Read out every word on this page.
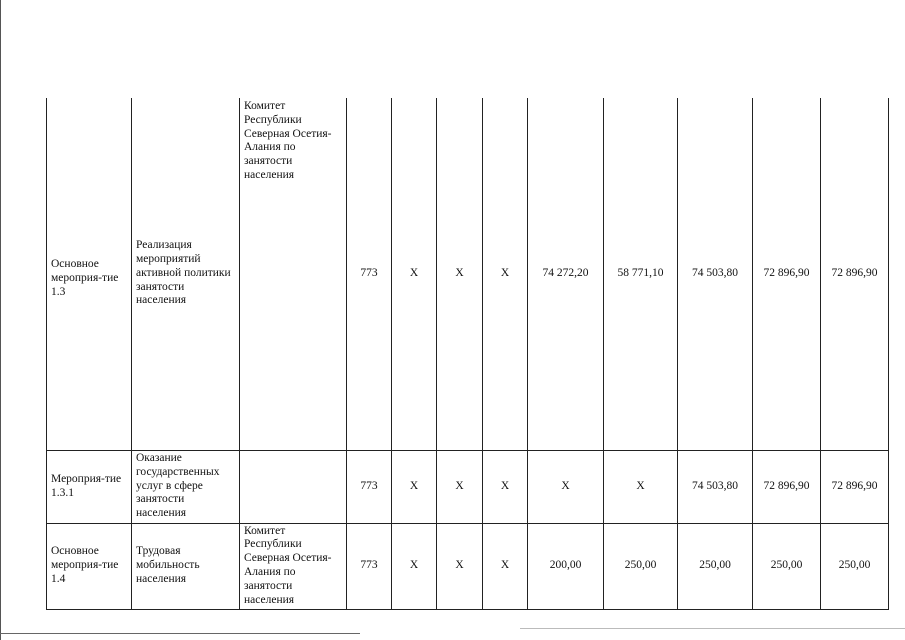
Основное мероприя-тие 1.3	Реализация мероприятий активной политики занятости населения	Комитет Республики Северная Осетия-Алания по занятости населения	773	X	X	X	74 272,20	58 771,10	74 503,80	72 896,90	72 896,90
Мероприя-тие 1.3.1	Оказание государственных услуг в сфере занятости населения		773	X	X	X	X	X	74 503,80	72 896,90	72 896,90
Основное мероприя-тие 1.4	Трудовая мобильность населения	Комитет Республики Северная Осетия-Алания по занятости населения	773	X	X	X	200,00	250,00	250,00	250,00	250,00
